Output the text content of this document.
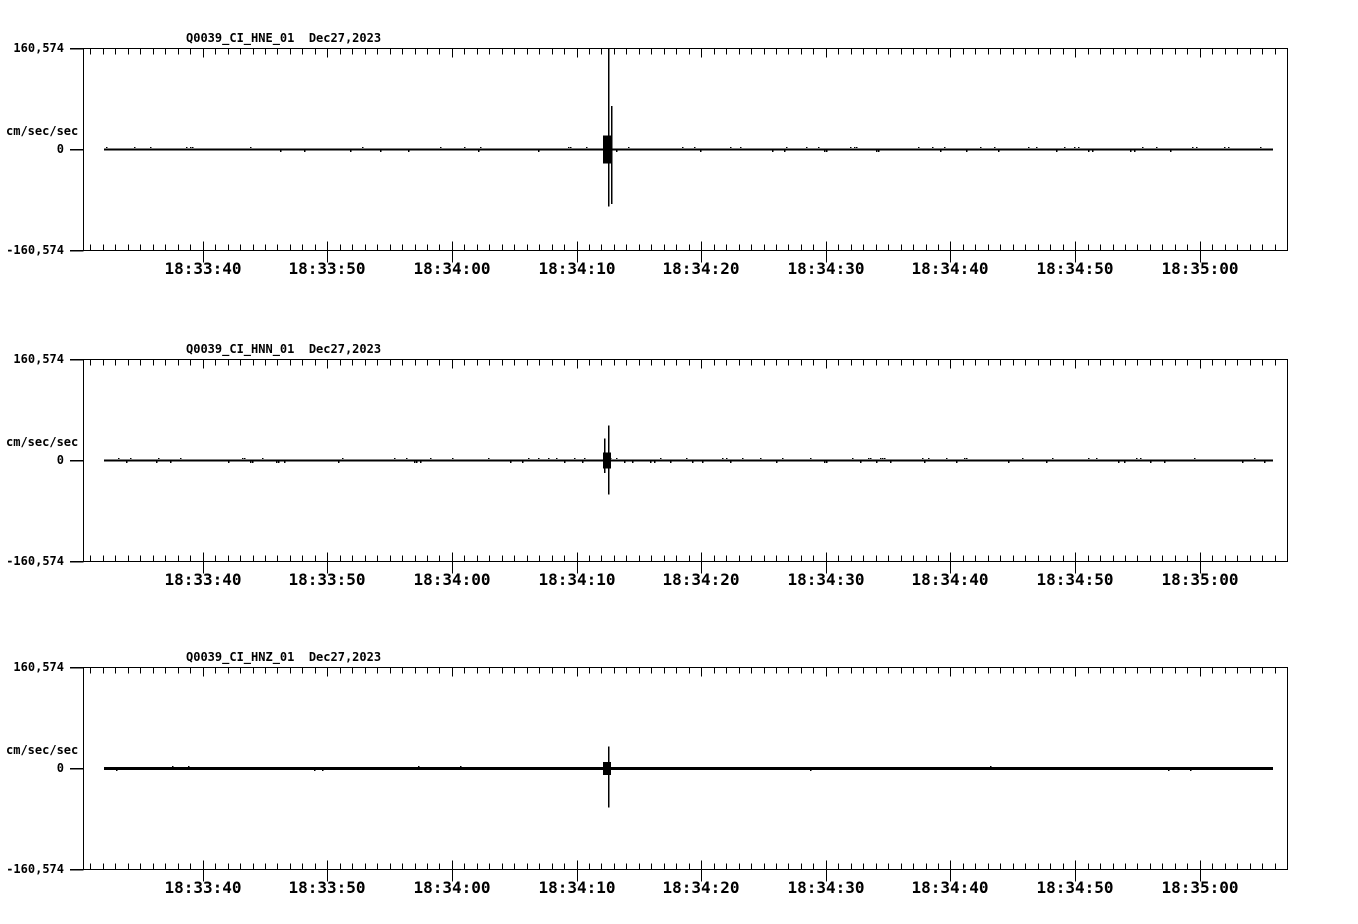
Q0039_CI_HNE_01  Dec27,2023
160,574
cm/sec/sec
0
-160,574
18:33:40	18:33:50	18:34:00	18:34:10	18:34:20	18:34:30	18:34:40	18:34:50	18:35:00
Q0039_CI_HNN_01  Dec27,2023
160,574
cm/sec/sec
0
-160,574
18:33:40	18:33:50	18:34:00	18:34:10	18:34:20	18:34:30	18:34:40	18:34:50	18:35:00
Q0039_CI_HNZ_01  Dec27,2023
160,574
cm/sec/sec
0
-160,574
18:33:40	18:33:50	18:34:00	18:34:10	18:34:20	18:34:30	18:34:40	18:34:50	18:35:00
